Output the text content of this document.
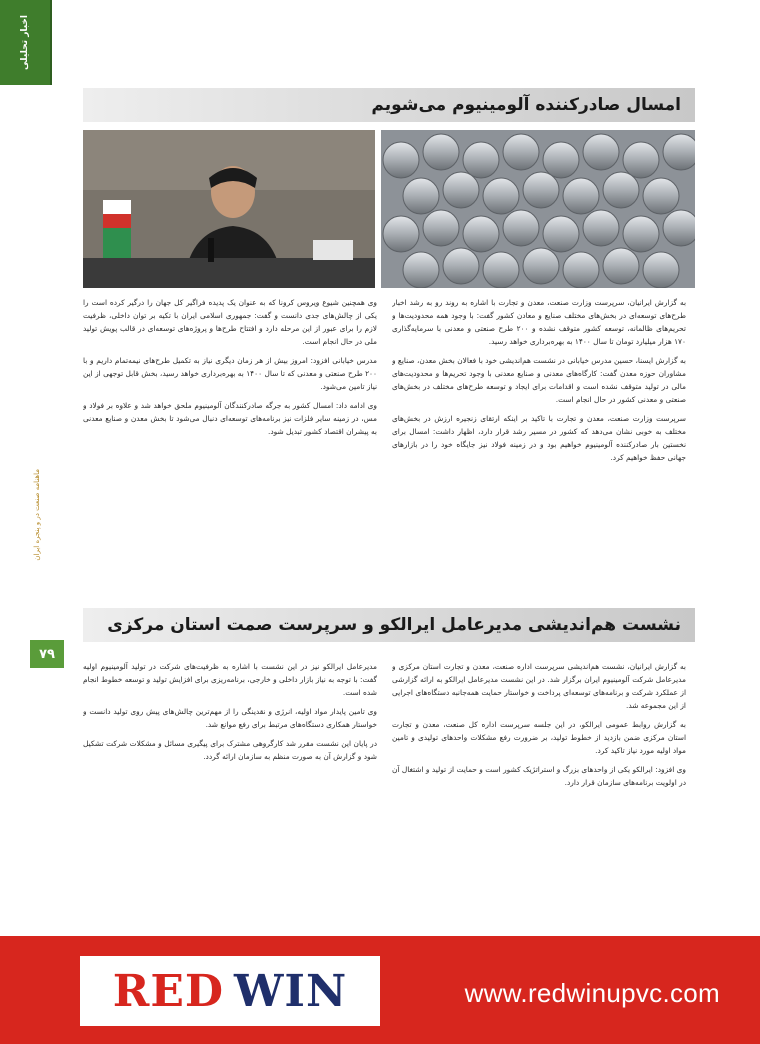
اخبار تحلیلی
ماهنامه صنعت در و پنجره ایران
۷۹
امسال صادرکننده آلومینیوم می‌شویم

به گزارش ایرانیان، سرپرست وزارت صنعت، معدن و تجارت با اشاره به روند رو به رشد اخبار طرح‌های توسعه‌ای در بخش‌های مختلف صنایع و معادن کشور گفت: با وجود همه محدودیت‌ها و تحریم‌های ظالمانه، توسعه کشور متوقف نشده و ۲۰۰ طرح صنعتی و معدنی با سرمایه‌گذاری ۱۷۰ هزار میلیارد تومان تا سال ۱۴۰۰ به بهره‌برداری خواهد رسید.

به گزارش ایسنا، حسین مدرس خیابانی در نشست هم‌اندیشی خود با فعالان بخش معدن، صنایع و مشاوران حوزه معدن گفت: کارگاه‌های معدنی و صنایع معدنی با وجود تحریم‌ها و محدودیت‌های مالی در تولید متوقف نشده است و اقدامات برای ایجاد و توسعه طرح‌های مختلف در بخش‌های صنعتی و معدنی کشور در حال انجام است.

سرپرست وزارت صنعت، معدن و تجارت با تاکید بر اینکه ارتقای زنجیره ارزش در بخش‌های مختلف به خوبی نشان می‌دهد که کشور در مسیر رشد قرار دارد، اظهار داشت: امسال برای نخستین بار صادرکننده آلومینیوم خواهیم بود و در زمینه فولاد نیز جایگاه خود را در بازارهای جهانی حفظ خواهیم کرد.

وی همچنین شیوع ویروس کرونا که به عنوان یک پدیده فراگیر کل جهان را درگیر کرده است را یکی از چالش‌های جدی دانست و گفت: جمهوری اسلامی ایران با تکیه بر توان داخلی، ظرفیت لازم را برای عبور از این مرحله دارد و افتتاح طرح‌ها و پروژه‌های توسعه‌ای در قالب پویش تولید ملی در حال انجام است.

مدرس خیابانی افزود: امروز بیش از هر زمان دیگری نیاز به تکمیل طرح‌های نیمه‌تمام داریم و با ۲۰۰ طرح صنعتی و معدنی که تا سال ۱۴۰۰ به بهره‌برداری خواهد رسید، بخش قابل توجهی از این نیاز تامین می‌شود.

وی ادامه داد: امسال کشور به جرگه صادرکنندگان آلومینیوم ملحق خواهد شد و علاوه بر فولاد و مس، در زمینه سایر فلزات نیز برنامه‌های توسعه‌ای دنبال می‌شود تا بخش معدن و صنایع معدنی به پیشران اقتصاد کشور تبدیل شود.

نشست هم‌اندیشی مدیرعامل ایرالکو و سرپرست صمت استان مرکزی

به گزارش ایرانیان، نشست هم‌اندیشی سرپرست اداره صنعت، معدن و تجارت استان مرکزی و مدیرعامل شرکت آلومینیوم ایران برگزار شد. در این نشست مدیرعامل ایرالکو به ارائه گزارشی از عملکرد شرکت و برنامه‌های توسعه‌ای پرداخت و خواستار حمایت همه‌جانبه دستگاه‌های اجرایی از این مجموعه شد.

به گزارش روابط عمومی ایرالکو، در این جلسه سرپرست اداره کل صنعت، معدن و تجارت استان مرکزی ضمن بازدید از خطوط تولید، بر ضرورت رفع مشکلات واحدهای تولیدی و تامین مواد اولیه مورد نیاز تاکید کرد.

وی افزود: ایرالکو یکی از واحدهای بزرگ و استراتژیک کشور است و حمایت از تولید و اشتغال آن در اولویت برنامه‌های سازمان قرار دارد.

مدیرعامل ایرالکو نیز در این نشست با اشاره به ظرفیت‌های شرکت در تولید آلومینیوم اولیه گفت: با توجه به نیاز بازار داخلی و خارجی، برنامه‌ریزی برای افزایش تولید و توسعه خطوط انجام شده است.

وی تامین پایدار مواد اولیه، انرژی و نقدینگی را از مهم‌ترین چالش‌های پیش روی تولید دانست و خواستار همکاری دستگاه‌های مرتبط برای رفع موانع شد.

در پایان این نشست مقرر شد کارگروهی مشترک برای پیگیری مسائل و مشکلات شرکت تشکیل شود و گزارش آن به صورت منظم به سازمان ارائه گردد.

RED WIN	www.redwinupvc.com
